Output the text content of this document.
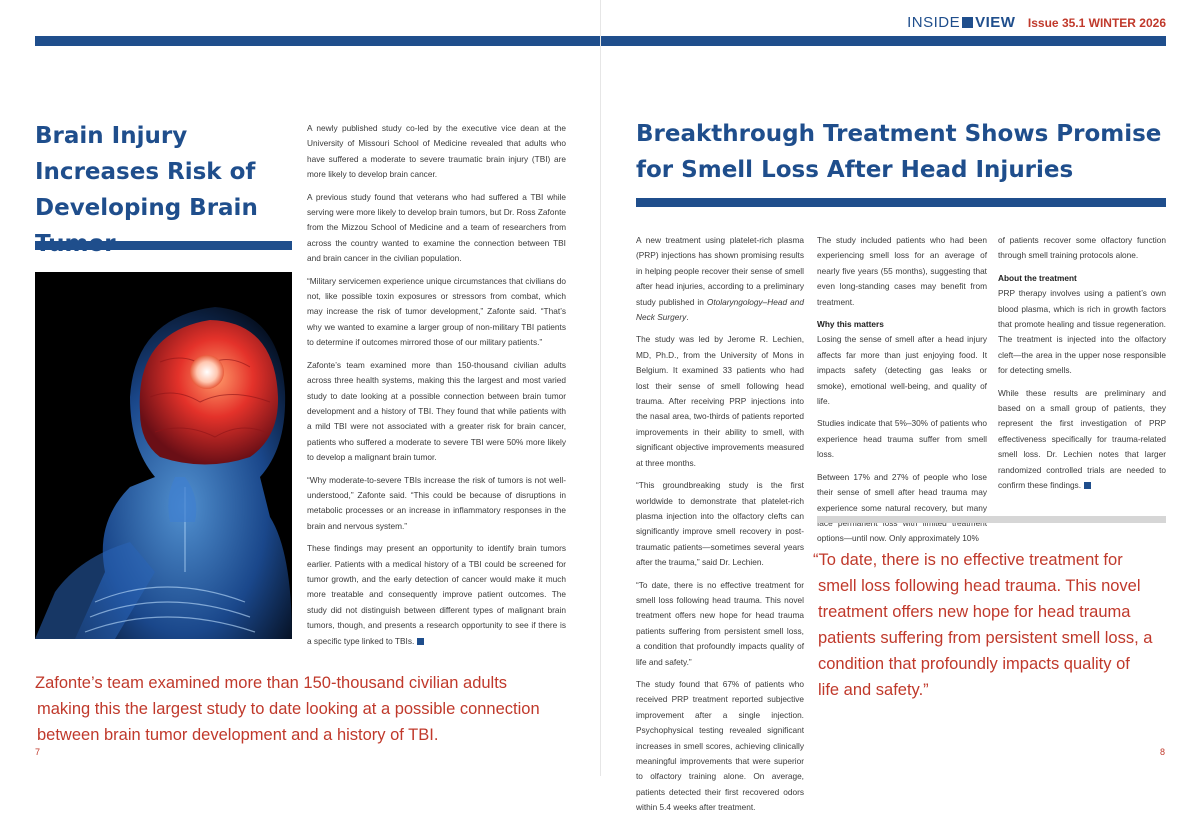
Brain Injury Increases Risk of Developing Brain

A newly published study co-led by the executive vice dean at the University of Missouri School of Medicine revealed that adults who have suffered a moderate to severe traumatic brain injury (TBI) are more likely to develop brain cancer.

A previous study found that veterans who had suffered a TBI while serving were more likely to develop brain tumors, but Dr. Ross Zafonte from the Mizzou School of Medicine and a team of researchers from across the country wanted to examine the connection between TBI and brain cancer in the civilian population.

“Military servicemen experience unique circumstances that civilians do not, like possible toxin exposures or stressors from combat, which may increase the risk of tumor development,” Zafonte said. “That’s why we wanted to examine a larger group of non-military TBI patients to determine if outcomes mirrored those of our military patients.”

Zafonte’s team examined more than 150-thousand civilian adults across three health systems, making this the largest and most varied study to date looking at a possible connection between brain tumor development and a history of TBI. They found that while patients with a mild TBI were not associated with a greater risk for brain cancer, patients who suffered a moderate to severe TBI were 50% more likely to develop a malignant brain tumor.

“Why moderate-to-severe TBIs increase the risk of tumors is not well-understood,” Zafonte said. “This could be because of disruptions in metabolic processes or an increase in inflammatory responses in the brain and nervous system.”

These findings may present an opportunity to identify brain tumors earlier. Patients with a medical history of a TBI could be screened for tumor growth, and the early detection of cancer would make it much more treatable and consequently improve patient outcomes. The study did not distinguish between different types of malignant brain tumors, though, and presents a research opportunity to see if there is a specific type linked to TBIs.

Zafonte’s team examined more than 150-thousand civilian adults
making this the largest study to date looking at a possible connection
between brain tumor development and a history of TBI.
7
INSIDE VIEW Issue 35.1 WINTER 2026
Breakthrough Treatment Shows Promise for Smell Loss After Head Injuries

A new treatment using platelet-rich plasma (PRP) injections has shown promising results in helping people recover their sense of smell after head injuries, according to a preliminary study published in Otolaryngology–Head and Neck Surgery.

The study was led by Jerome R. Lechien, MD, Ph.D., from the University of Mons in Belgium. It examined 33 patients who had lost their sense of smell following head trauma. After receiving PRP injections into the nasal area, two-thirds of patients reported improvements in their ability to smell, with significant objective improvements measured at three months.

“This groundbreaking study is the first worldwide to demonstrate that platelet-rich plasma injection into the olfactory clefts can significantly improve smell recovery in post-traumatic patients—sometimes several years after the trauma,” said Dr. Lechien.

“To date, there is no effective treatment for smell loss following head trauma. This novel treatment offers new hope for head trauma patients suffering from persistent smell loss, a condition that profoundly impacts quality of life and safety.”

The study found that 67% of patients who received PRP treatment reported subjective improvement after a single injection. Psychophysical testing revealed significant increases in smell scores, achieving clinically meaningful improvements that were superior to olfactory training alone. On average, patients detected their first recovered odors within 5.4 weeks after treatment.

The study included patients who had been experiencing smell loss for an average of nearly five years (55 months), suggesting that even long-standing cases may benefit from treatment.

Why this matters

Losing the sense of smell after a head injury affects far more than just enjoying food. It impacts safety (detecting gas leaks or smoke), emotional well-being, and quality of life.

Studies indicate that 5%–30% of patients who experience head trauma suffer from smell loss.

Between 17% and 27% of people who lose their sense of smell after head trauma may experience some natural recovery, but many options—until now. Only approximately 10%

of patients recover some olfactory function through smell training protocols alone.

About the treatment

PRP therapy involves using a patient’s own blood plasma, which is rich in growth factors that promote healing and tissue regeneration. The treatment is injected into the olfactory cleft—the area in the upper nose responsible for detecting smells.

While these results are preliminary and based on a small group of patients, they represent the first investigation of PRP effectiveness specifically for trauma-related smell loss. Dr. Lechien notes that larger randomized controlled trials are needed to confirm these findings.

“To date, there is no effective treatment for
smell loss following head trauma. This novel
treatment offers new hope for head trauma
patients suffering from persistent smell loss, a
condition that profoundly impacts quality of
life and safety.”
8
